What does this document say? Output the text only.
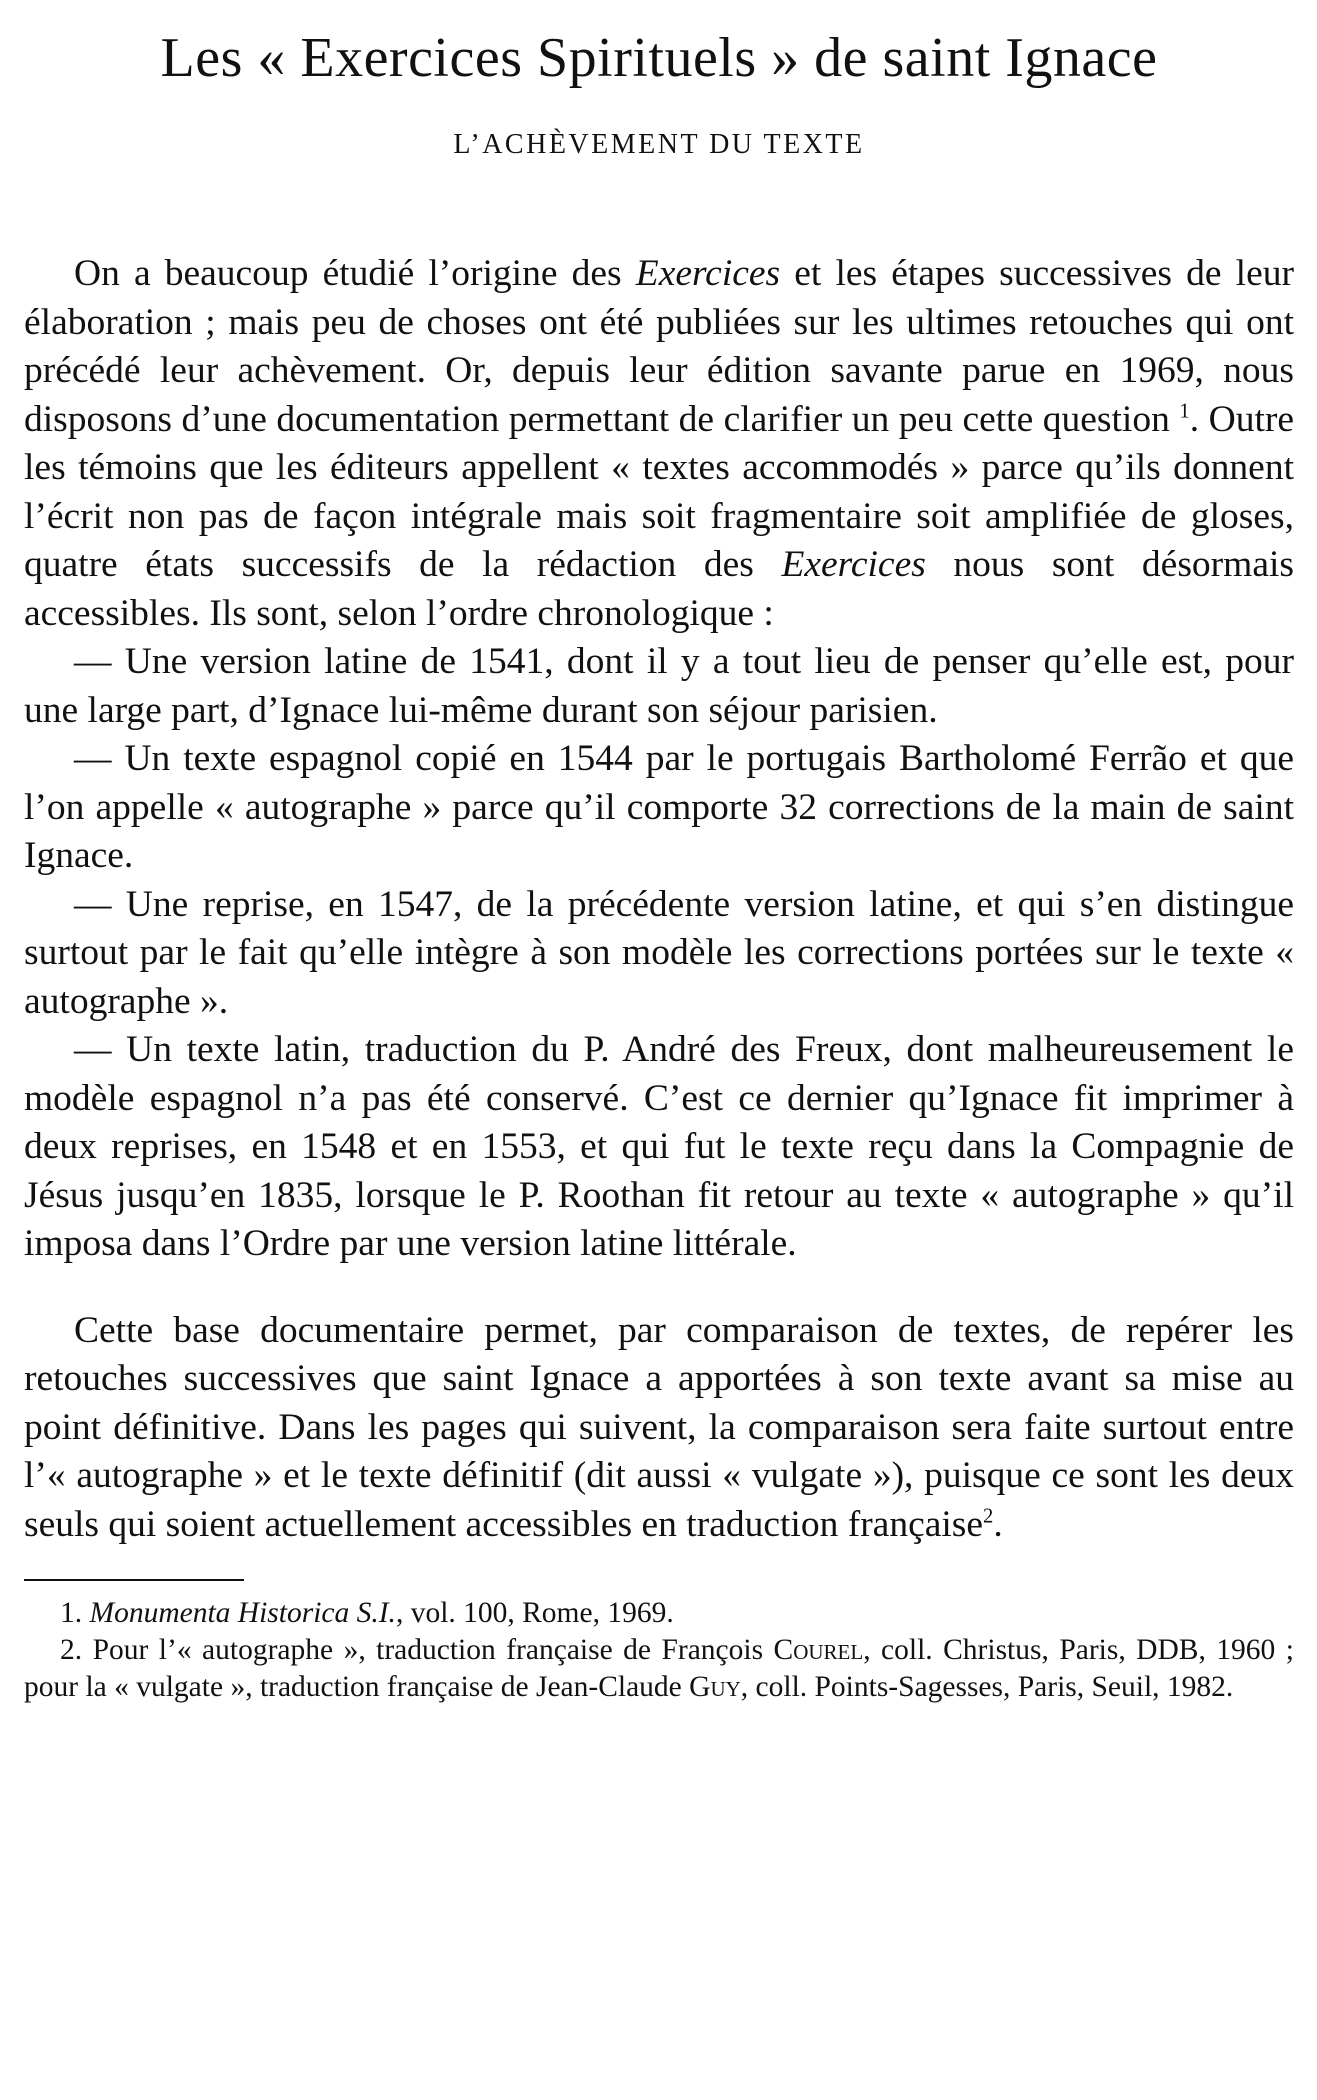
Les « Exercices Spirituels » de saint Ignace
L’ACHÈVEMENT DU TEXTE

On a beaucoup étudié l’origine des Exercices et les étapes successives de leur élaboration ; mais peu de choses ont été publiées sur les ultimes retouches qui ont précédé leur achèvement. Or, depuis leur édition savante parue en 1969, nous disposons d’une documentation permettant de clarifier un peu cette question $^1$. Outre les témoins que les éditeurs appellent « textes accommodés » parce qu’ils donnent l’écrit non pas de façon intégrale mais soit fragmentaire soit amplifiée de gloses, quatre états successifs de la rédaction des Exercices nous sont désormais accessibles. Ils sont, selon l’ordre chronologique :

— Une version latine de 1541, dont il y a tout lieu de penser qu’elle est, pour une large part, d’Ignace lui-même durant son séjour parisien.

— Un texte espagnol copié en 1544 par le portugais Bartholomé Ferrão et que l’on appelle « autographe » parce qu’il comporte 32 corrections de la main de saint Ignace.

— Une reprise, en 1547, de la précédente version latine, et qui s’en distingue surtout par le fait qu’elle intègre à son modèle les corrections portées sur le texte « autographe ».

— Un texte latin, traduction du P. André des Freux, dont malheureusement le modèle espagnol n’a pas été conservé. C’est ce dernier qu’Ignace fit imprimer à deux reprises, en 1548 et en 1553, et qui fut le texte reçu dans la Compagnie de Jésus jusqu’en 1835, lorsque le P. Roothan fit retour au texte « autographe » qu’il imposa dans l’Ordre par une version latine littérale.

Cette base documentaire permet, par comparaison de textes, de repérer les retouches successives que saint Ignace a apportées à son texte avant sa mise au point définitive. Dans les pages qui suivent, la comparaison sera faite surtout entre l’« autographe » et le texte définitif (dit aussi « vulgate »), puisque ce sont les deux seuls qui soient actuellement accessibles en traduction française$^2$.

1. Monumenta Historica S.I., vol. 100, Rome, 1969.

2. Pour l’« autographe », traduction française de François Courel, coll. Christus, Paris, DDB, 1960 ; pour la « vulgate », traduction française de Jean-Claude Guy, coll. Points-Sagesses, Paris, Seuil, 1982.
